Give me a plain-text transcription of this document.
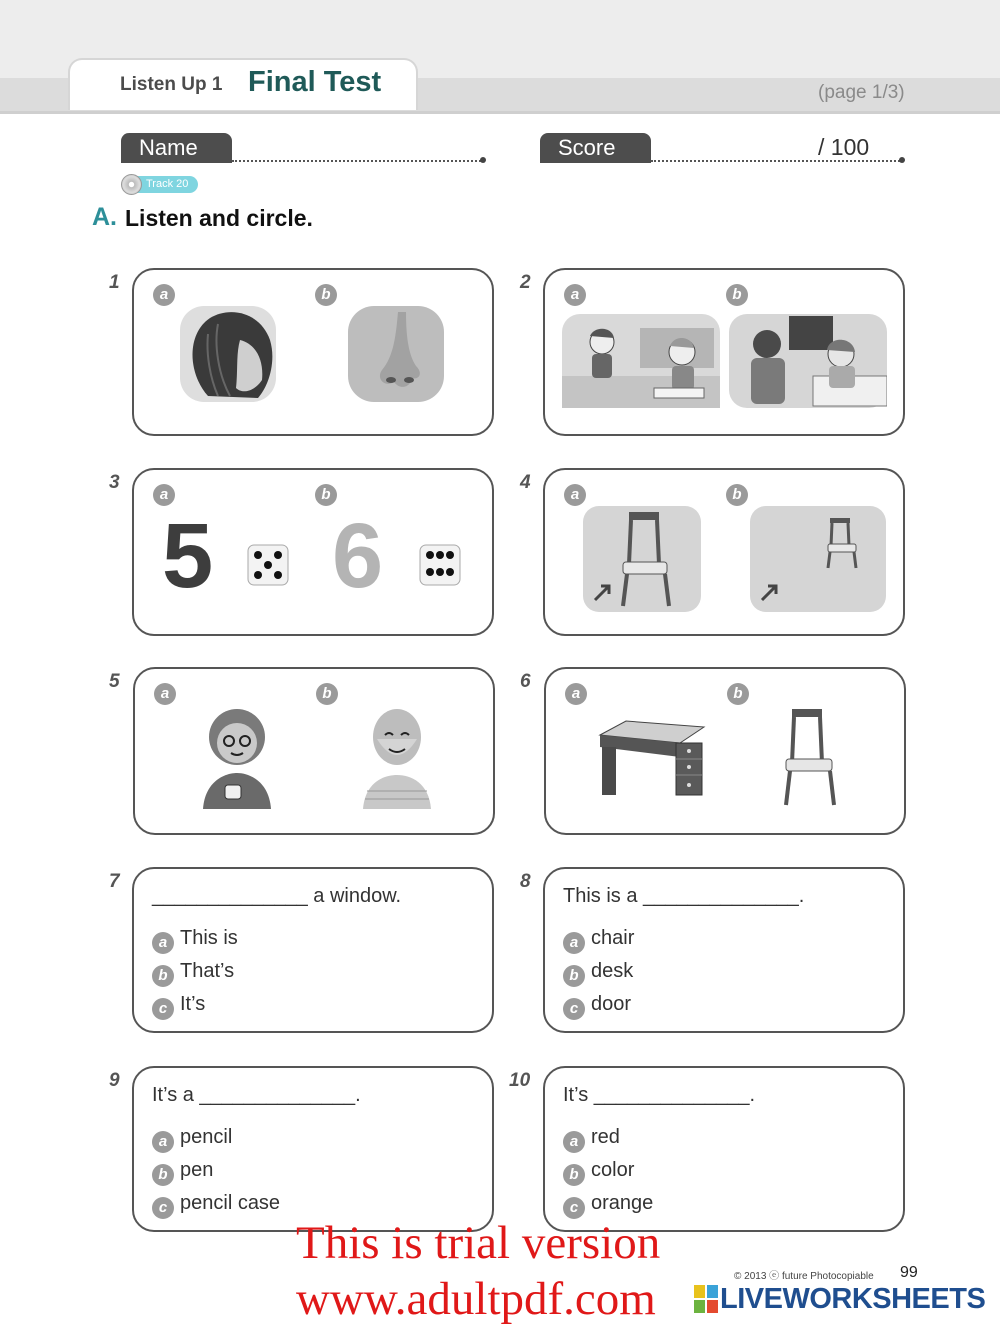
Listen Up 1 Final Test	(page 1/3)
Name	Score	/ 100
Track 20
A. Listen and circle.
1
a	b
2
a	b
3
a	b
5 6
4
a	b
5
a	b
6
a	b
7
______________ a window.
a This is
b That’s
c It’s
8
This is a ______________.
a chair
b desk
c door
9
It’s a ______________.
a pencil
b pen
c pencil case
10
It’s ______________.
a red
b color
c orange
© 2013 ⓔ future Photocopiable 99
This is trial version
www.adultpdf.com LIVEWORKSHEETS
